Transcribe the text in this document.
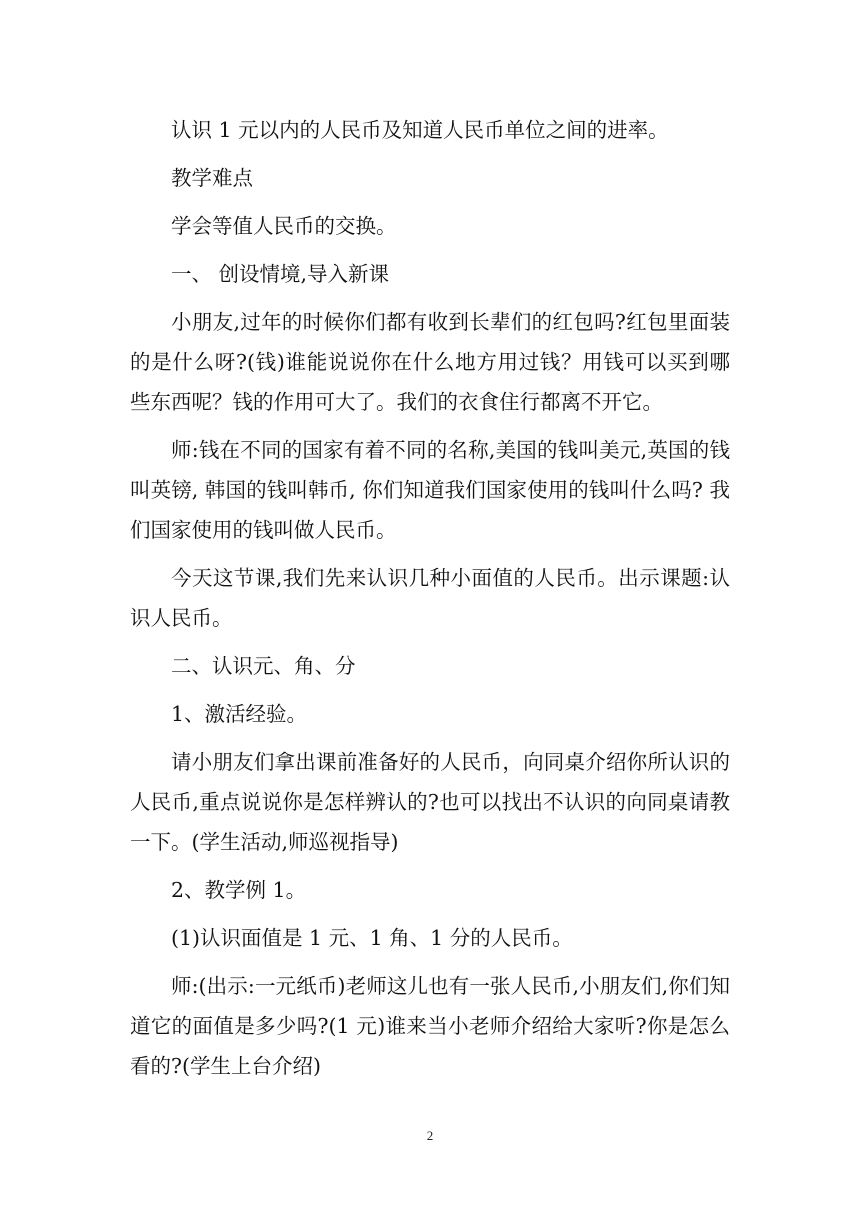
认识 1 元以内的人民币及知道人民币单位之间的进率。

教学难点

学会等值人民币的交换。

一、 创设情境,导入新课

小朋友,过年的时候你们都有收到长辈们的红包吗?红包里面装的是什么呀?(钱)谁能说说你在什么地方用过钱？用钱可以买到哪些东西呢？钱的作用可大了。我们的衣食住行都离不开它。

师:钱在不同的国家有着不同的名称,美国的钱叫美元,英国的钱叫英镑, 韩国的钱叫韩币, 你们知道我们国家使用的钱叫什么吗? 我们国家使用的钱叫做人民币。

今天这节课,我们先来认识几种小面值的人民币。出示课题:认识人民币。

二、认识元、角、分

1、激活经验。

请小朋友们拿出课前准备好的人民币，向同桌介绍你所认识的人民币,重点说说你是怎样辨认的?也可以找出不认识的向同桌请教一下。(学生活动,师巡视指导)

2、教学例 1。

(1)认识面值是 1 元、1 角、1 分的人民币。

师:(出示:一元纸币)老师这儿也有一张人民币,小朋友们,你们知道它的面值是多少吗?(1 元)谁来当小老师介绍给大家听?你是怎么看的?(学生上台介绍)

2
